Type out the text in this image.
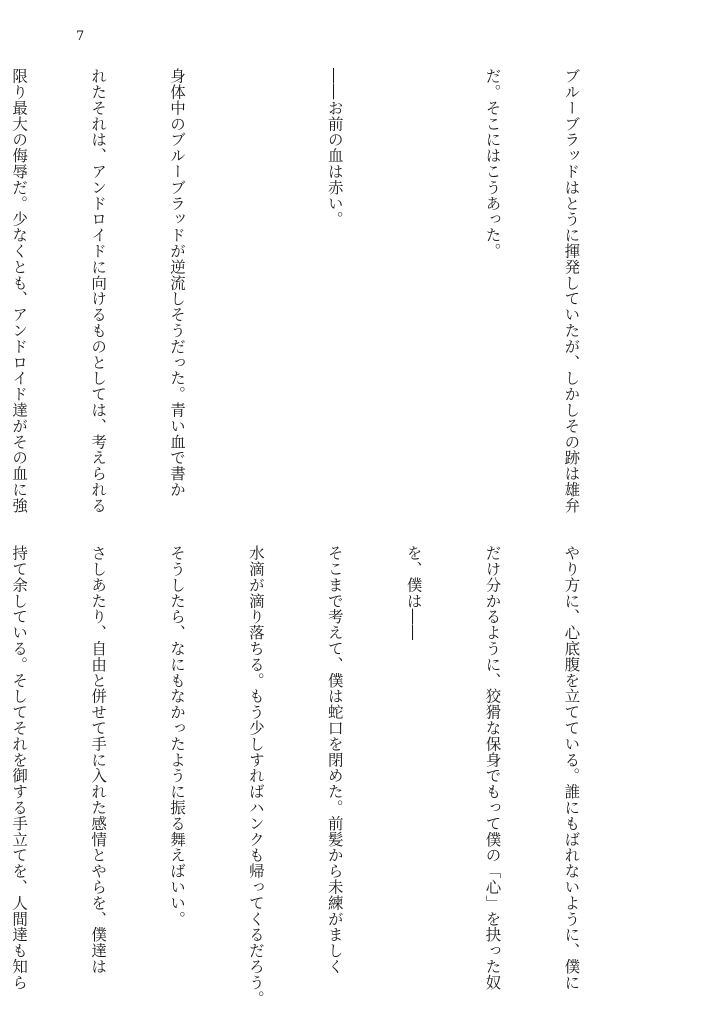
7

ブルーブラッドはとうに揮発していたが、しかしその跡は雄弁

だ。そこにはこうあった。

――お前の血は赤い。

身体中のブルーブラッドが逆流しそうだった。青い血で書か

れたそれは、アンドロイドに向けるものとしては、考えられる

限り最大の侮辱だ。少なくとも、アンドロイド達がその血に強

やり方に、心底腹を立てている。誰にもばれないように、僕に

だけ分かるように、狡猾な保身でもって僕の「心」を抉った奴

を、僕は――

そこまで考えて、僕は蛇口を閉めた。前髪から未練がましく

水滴が滴り落ちる。もう少しすればハンクも帰ってくるだろう。

そうしたら、なにもなかったように振る舞えばいい。

さしあたり、自由と併せて手に入れた感情とやらを、僕達は

持て余している。そしてそれを御する手立てを、人間達も知ら
